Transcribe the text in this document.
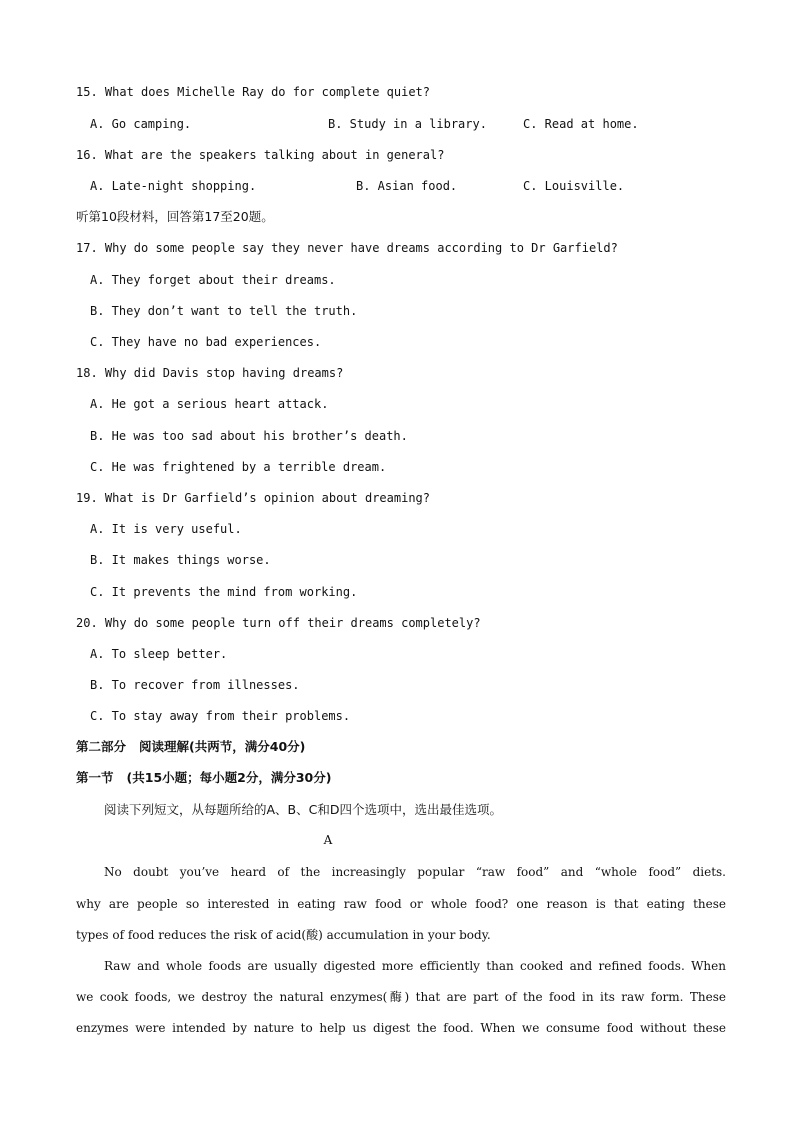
15. What does Michelle Ray do for complete quiet?
A. Go camping.	B. Study in a library.	C. Read at home.
16. What are the speakers talking about in general?
A. Late-night shopping.	B. Asian food.	C. Louisville.
听第10段材料，回答第17至20题。
17. Why do some people say they never have dreams according to Dr Garfield?
A. They forget about their dreams.
B. They don’t want to tell the truth.
C. They have no bad experiences.
18. Why did Davis stop having dreams?
A. He got a serious heart attack.
B. He was too sad about his brother’s death.
C. He was frightened by a terrible dream.
19. What is Dr Garfield’s opinion about dreaming?
A. It is very useful.
B. It makes things worse.
C. It prevents the mind from working.
20. Why do some people turn off their dreams completely?
A. To sleep better.
B. To recover from illnesses.
C. To stay away from their problems.
第二部分   阅读理解(共两节，满分40分)
第一节   (共15小题；每小题2分，满分30分)
阅读下列短文，从每题所给的A、B、C和D四个选项中，选出最佳选项。
A
No doubt you’ve heard of the increasingly popular “raw food” and “whole food” diets.
why are people so interested in eating raw food or whole food? one reason is that eating these
types of food reduces the risk of acid(酸) accumulation in your body.
Raw and whole foods are usually digested more efficiently than cooked and refined foods. When
we cook foods, we destroy the natural enzymes(酶) that are part of the food in its raw form. These
enzymes were intended by nature to help us digest the food. When we consume food without these
